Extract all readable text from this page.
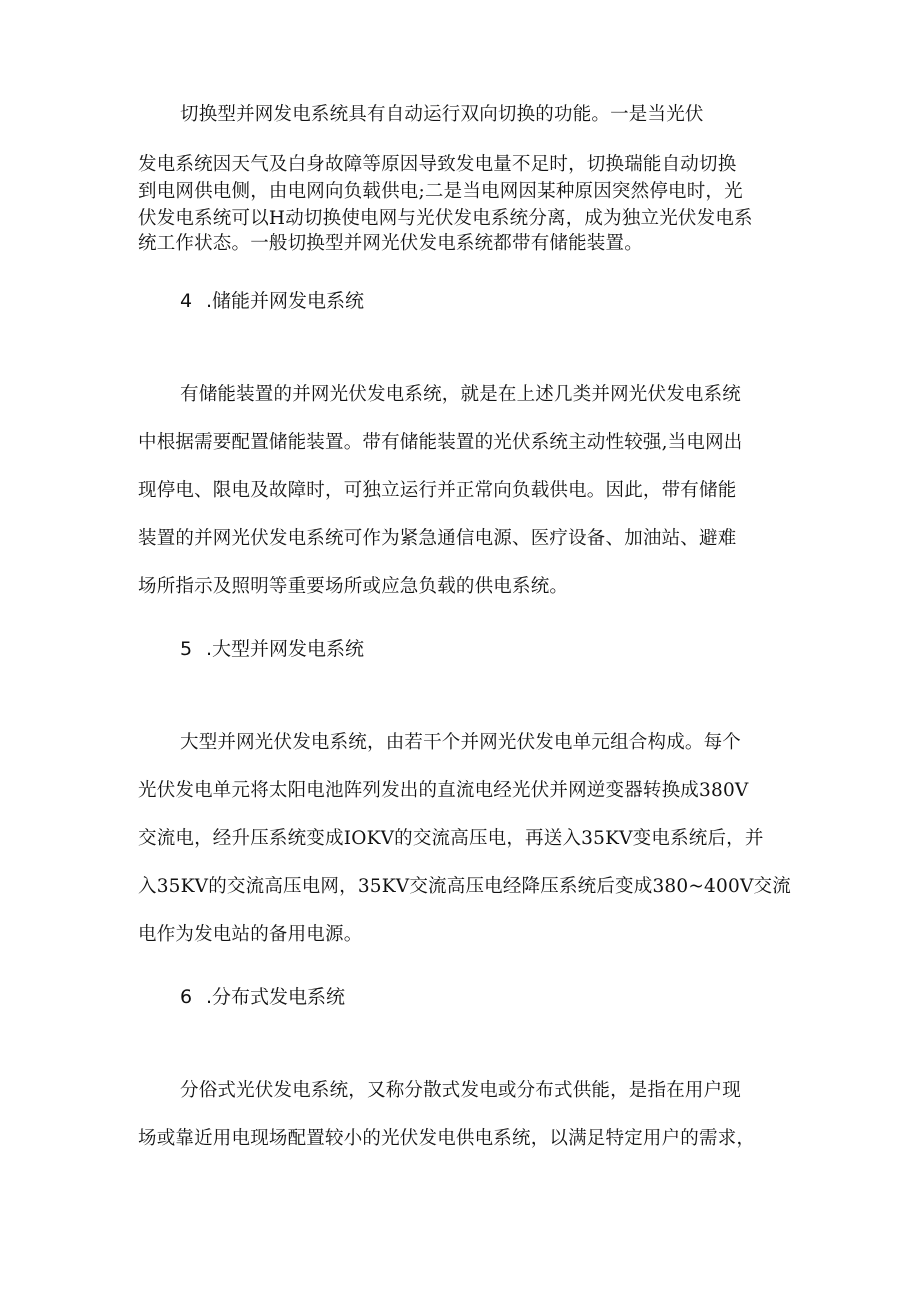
切换型并网发电系统具有自动运行双向切换的功能。一是当光伏
发电系统因天气及白身故障等原因导致发电量不足时，切换瑞能自动切换
到电网供电侧，由电网向负载供电;二是当电网因某种原因突然停电时，光
伏发电系统可以H动切换使电网与光伏发电系统分离，成为独立光伏发电系
统工作状态。一般切换型并网光伏发电系统都带有储能装置。
4 .储能并网发电系统
有储能装置的并网光伏发电系统，就是在上述几类并网光伏发电系统
中根据需要配置储能装置。带有储能装置的光伏系统主动性较强,当电网出
现停电、限电及故障时，可独立运行并正常向负载供电。因此，带有储能
装置的并网光伏发电系统可作为紧急通信电源、医疗设备、加油站、避难
场所指示及照明等重要场所或应急负载的供电系统。
5 .大型并网发电系统
大型并网光伏发电系统，由若干个并网光伏发电单元组合构成。每个
光伏发电单元将太阳电池阵列发出的直流电经光伏并网逆变器转换成380V
交流电，经升压系统变成IOKV的交流高压电，再送入35KV变电系统后，并
入35KV的交流高压电网，35KV交流高压电经降压系统后变成380~400V交流
电作为发电站的备用电源。
6 .分布式发电系统
分俗式光伏发电系统，又称分散式发电或分布式供能，是指在用户现
场或靠近用电现场配置较小的光伏发电供电系统，以满足特定用户的需求，
